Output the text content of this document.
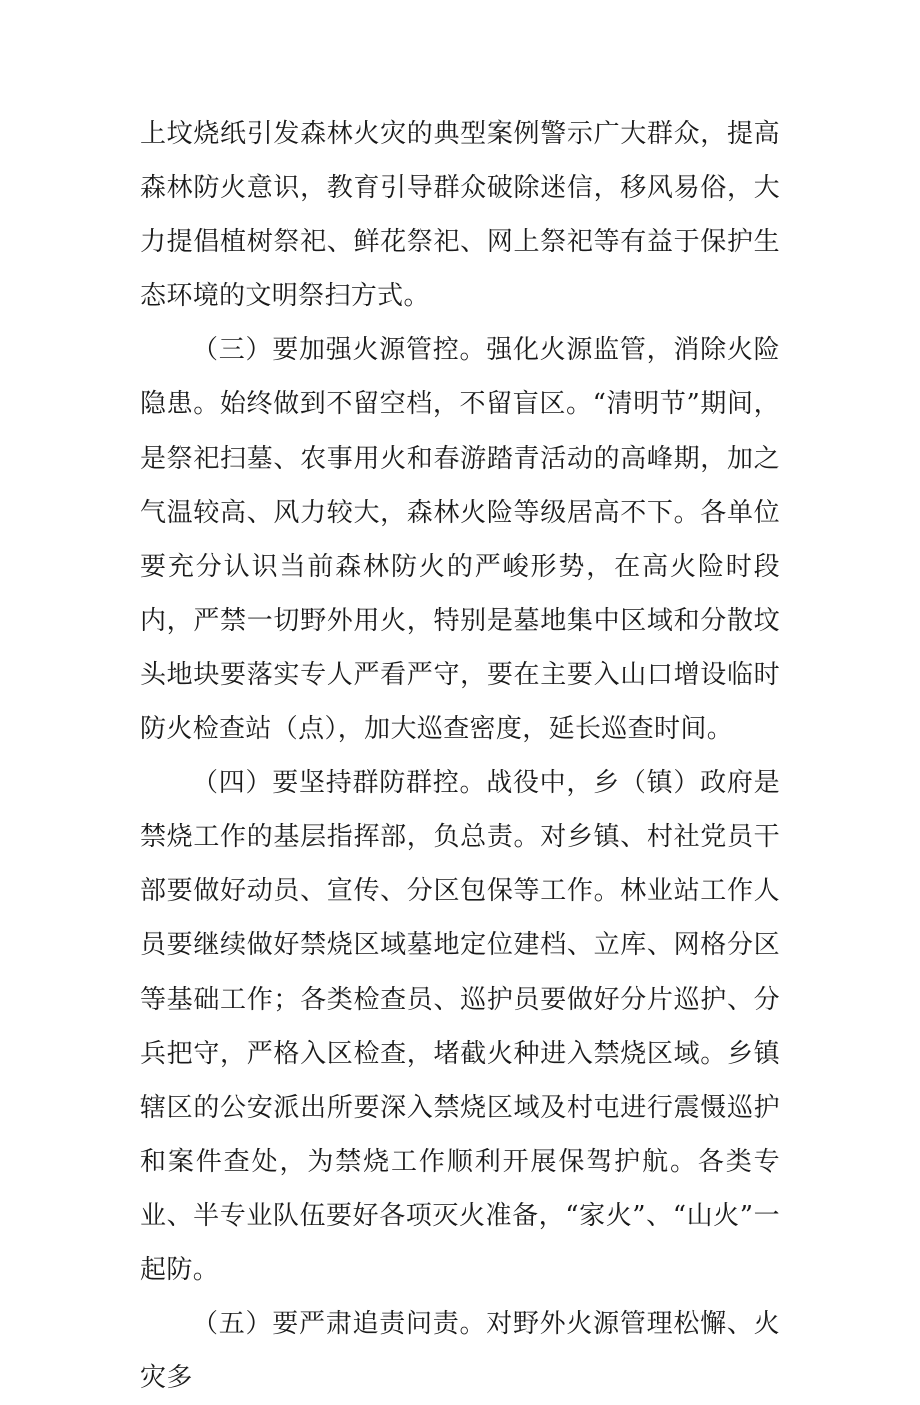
上坟烧纸引发森林火灾的典型案例警示广大群众，提高森林防火意识，教育引导群众破除迷信，移风易俗，大力提倡植树祭祀、鲜花祭祀、网上祭祀等有益于保护生态环境的文明祭扫方式。

（三）要加强火源管控。强化火源监管，消除火险隐患。始终做到不留空档，不留盲区。“清明节”期间，是祭祀扫墓、农事用火和春游踏青活动的高峰期，加之气温较高、风力较大，森林火险等级居高不下。各单位要充分认识当前森林防火的严峻形势，在高火险时段内，严禁一切野外用火，特别是墓地集中区域和分散坟头地块要落实专人严看严守，要在主要入山口增设临时防火检查站（点），加大巡查密度，延长巡查时间。

（四）要坚持群防群控。战役中，乡（镇）政府是禁烧工作的基层指挥部，负总责。对乡镇、村社党员干部要做好动员、宣传、分区包保等工作。林业站工作人员要继续做好禁烧区域墓地定位建档、立库、网格分区等基础工作；各类检查员、巡护员要做好分片巡护、分兵把守，严格入区检查，堵截火种进入禁烧区域。乡镇辖区的公安派出所要深入禁烧区域及村屯进行震慑巡护和案件查处，为禁烧工作顺利开展保驾护航。各类专业、半专业队伍要好各项灭火准备，“家火”、“山火”一起防。

（五）要严肃追责问责。对野外火源管理松懈、火灾多
